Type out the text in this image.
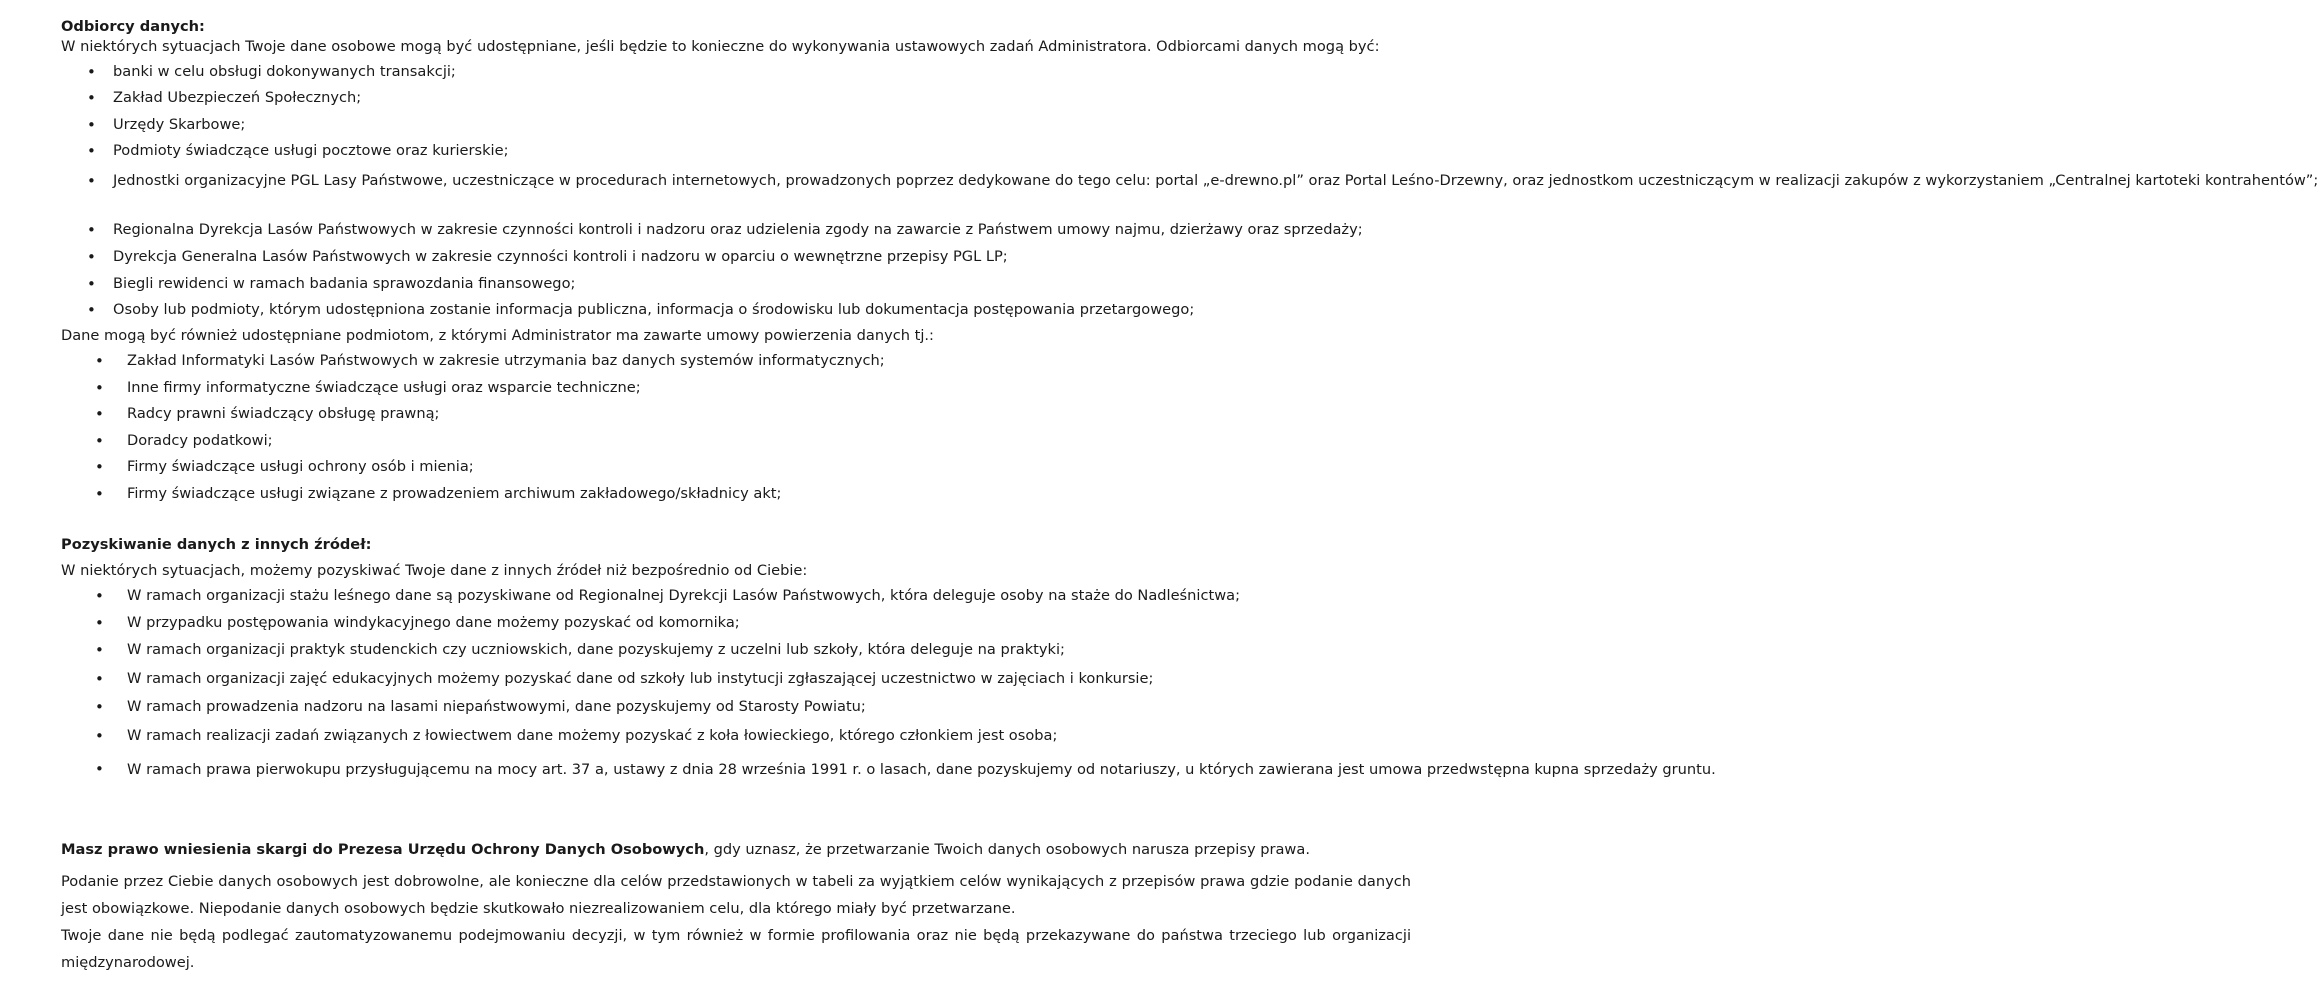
Odbiorcy danych:
W niektórych sytuacjach Twoje dane osobowe mogą być udostępniane, jeśli będzie to konieczne do wykonywania ustawowych zadań Administratora. Odbiorcami danych mogą być:
• banki w celu obsługi dokonywanych transakcji;
• Zakład Ubezpieczeń Społecznych;
• Urzędy Skarbowe;
• Podmioty świadczące usługi pocztowe oraz kurierskie;
• Jednostki organizacyjne PGL Lasy Państwowe, uczestniczące w procedurach internetowych, prowadzonych poprzez dedykowane do tego celu: portal „e-drewno.pl” oraz Portal Leśno-Drzewny, oraz jednostkom uczestniczącym w realizacji zakupów z wykorzystaniem „Centralnej kartoteki kontrahentów”;
• Regionalna Dyrekcja Lasów Państwowych w zakresie czynności kontroli i nadzoru oraz udzielenia zgody na zawarcie z Państwem umowy najmu, dzierżawy oraz sprzedaży;
• Dyrekcja Generalna Lasów Państwowych w zakresie czynności kontroli i nadzoru w oparciu o wewnętrzne przepisy PGL LP;
• Biegli rewidenci w ramach badania sprawozdania finansowego;
• Osoby lub podmioty, którym udostępniona zostanie informacja publiczna, informacja o środowisku lub dokumentacja postępowania przetargowego;
Dane mogą być również udostępniane podmiotom, z którymi Administrator ma zawarte umowy powierzenia danych tj.:
• Zakład Informatyki Lasów Państwowych w zakresie utrzymania baz danych systemów informatycznych;
• Inne firmy informatyczne świadczące usługi oraz wsparcie techniczne;
• Radcy prawni świadczący obsługę prawną;
• Doradcy podatkowi;
• Firmy świadczące usługi ochrony osób i mienia;
• Firmy świadczące usługi związane z prowadzeniem archiwum zakładowego/składnicy akt;
Pozyskiwanie danych z innych źródeł:
W niektórych sytuacjach, możemy pozyskiwać Twoje dane z innych źródeł niż bezpośrednio od Ciebie:
• W ramach organizacji stażu leśnego dane są pozyskiwane od Regionalnej Dyrekcji Lasów Państwowych, która deleguje osoby na staże do Nadleśnictwa;
• W przypadku postępowania windykacyjnego dane możemy pozyskać od komornika;
• W ramach organizacji praktyk studenckich czy uczniowskich, dane pozyskujemy z uczelni lub szkoły, która deleguje na praktyki;
• W ramach organizacji zajęć edukacyjnych możemy pozyskać dane od szkoły lub instytucji zgłaszającej uczestnictwo w zajęciach i konkursie;
• W ramach prowadzenia nadzoru na lasami niepaństwowymi, dane pozyskujemy od Starosty Powiatu;
• W ramach realizacji zadań związanych z łowiectwem dane możemy pozyskać z koła łowieckiego, którego członkiem jest osoba;
• W ramach prawa pierwokupu przysługującemu na mocy art. 37 a, ustawy z dnia 28 września 1991 r. o lasach, dane pozyskujemy od notariuszy, u których zawierana jest umowa przedwstępna kupna sprzedaży gruntu.
Masz prawo wniesienia skargi do Prezesa Urzędu Ochrony Danych Osobowych, gdy uznasz, że przetwarzanie Twoich danych osobowych narusza przepisy prawa.
Podanie przez Ciebie danych osobowych jest dobrowolne, ale konieczne dla celów przedstawionych w tabeli za wyjątkiem celów wynikających z przepisów prawa gdzie podanie danych jest obowiązkowe. Niepodanie danych osobowych będzie skutkowało niezrealizowaniem celu, dla którego miały być przetwarzane.
Twoje dane nie będą podlegać zautomatyzowanemu podejmowaniu decyzji, w tym również w formie profilowania oraz nie będą przekazywane do państwa trzeciego lub organizacji międzynarodowej.
